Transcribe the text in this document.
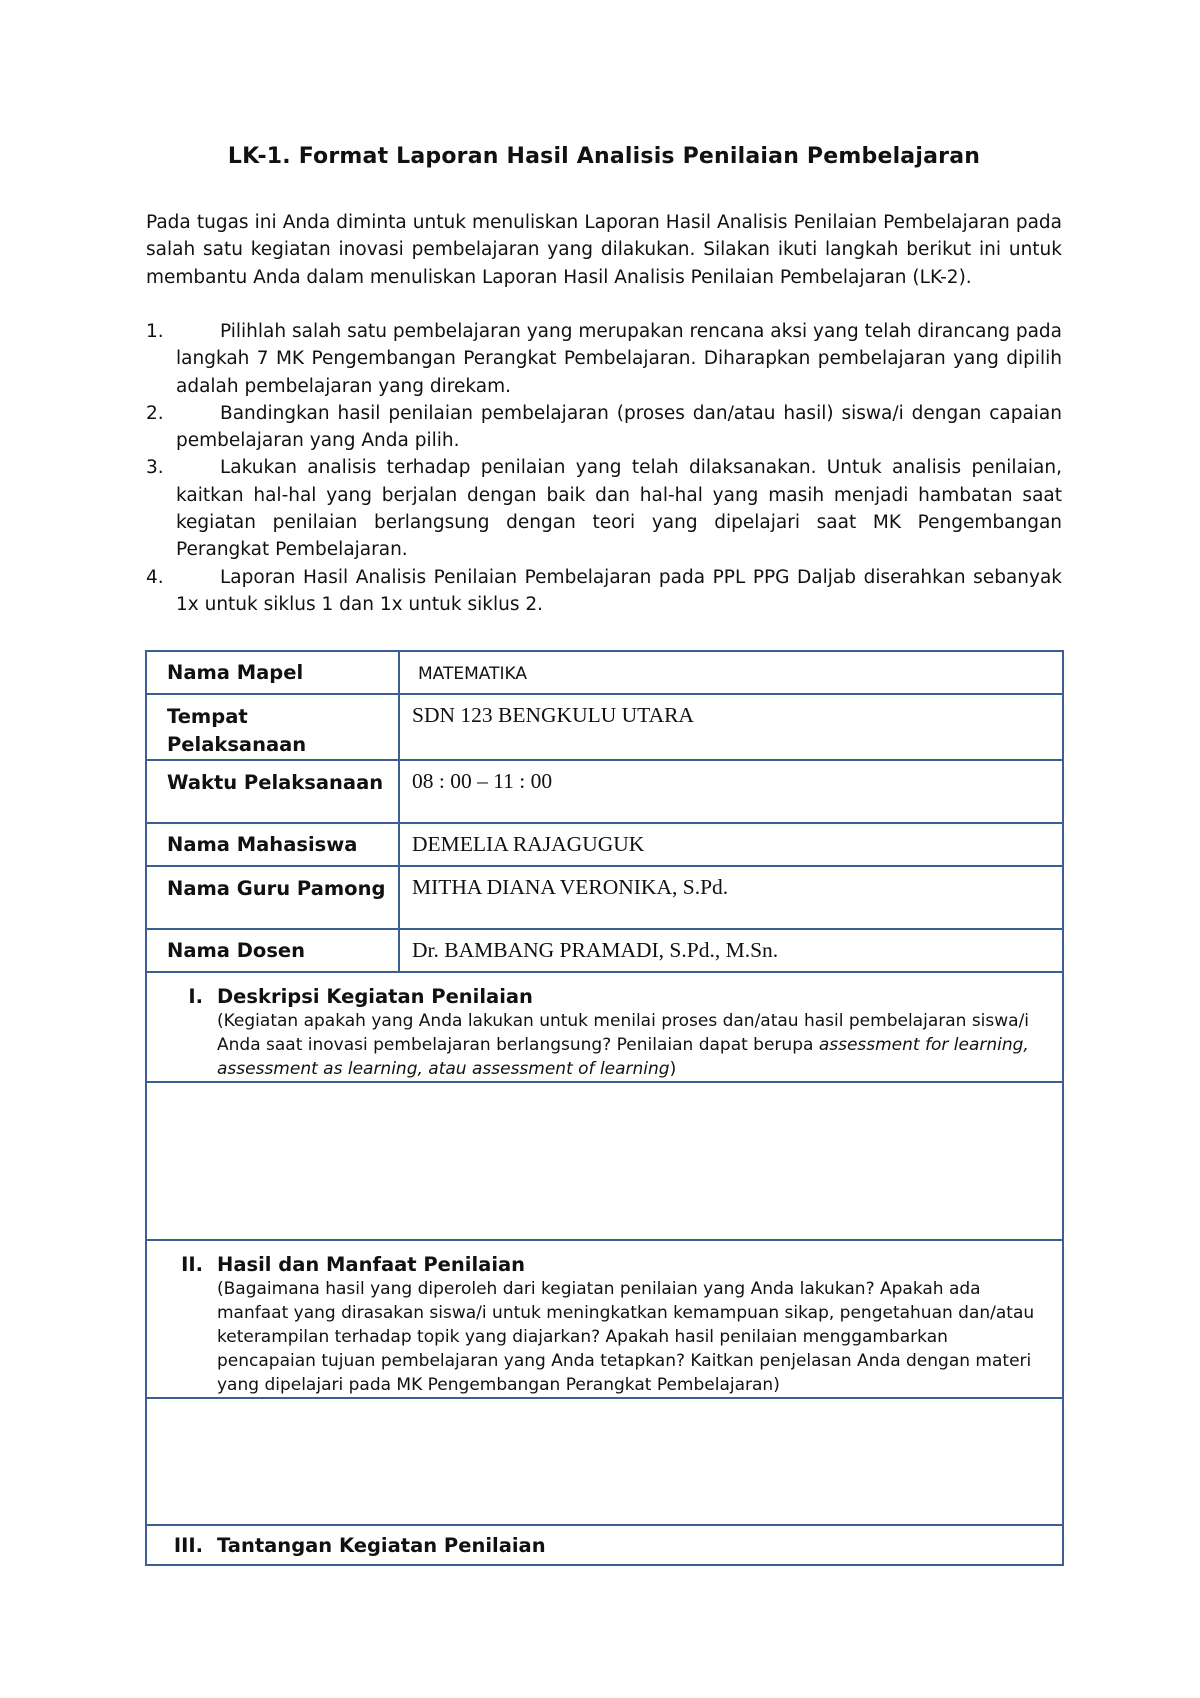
LK-1. Format Laporan Hasil Analisis Penilaian Pembelajaran

Pada tugas ini Anda diminta untuk menuliskan Laporan Hasil Analisis Penilaian Pembelajaran pada salah satu kegiatan inovasi pembelajaran yang dilakukan. Silakan ikuti langkah berikut ini untuk membantu Anda dalam menuliskan Laporan Hasil Analisis Penilaian Pembelajaran (LK-2).

1.	Pilihlah salah satu pembelajaran yang merupakan rencana aksi yang telah dirancang pada langkah 7 MK Pengembangan Perangkat Pembelajaran. Diharapkan pembelajaran yang dipilih adalah pembelajaran yang direkam.
2.	Bandingkan hasil penilaian pembelajaran (proses dan/atau hasil) siswa/i dengan capaian pembelajaran yang Anda pilih.
3.	Lakukan analisis terhadap penilaian yang telah dilaksanakan. Untuk analisis penilaian, kaitkan hal-hal yang berjalan dengan baik dan hal-hal yang masih menjadi hambatan saat kegiatan penilaian berlangsung dengan teori yang dipelajari saat MK Pengembangan Perangkat Pembelajaran.
4.	Laporan Hasil Analisis Penilaian Pembelajaran pada PPL PPG Daljab diserahkan sebanyak 1x untuk siklus 1 dan 1x untuk siklus 2.
Nama Mapel	MATEMATIKA
Tempat Pelaksanaan	SDN 123 BENGKULU UTARA
Waktu Pelaksanaan	08 : 00 – 11 : 00
Nama Mahasiswa	DEMELIA RAJAGUGUK
Nama Guru Pamong	MITHA DIANA VERONIKA, S.Pd.
Nama Dosen	Dr. BAMBANG PRAMADI, S.Pd., M.Sn.

I. Deskripsi Kegiatan Penilaian
(Kegiatan apakah yang Anda lakukan untuk menilai proses dan/atau hasil pembelajaran siswa/i Anda saat inovasi pembelajaran berlangsung? Penilaian dapat berupa assessment for learning, assessment as learning, atau assessment of learning)	

II. Hasil dan Manfaat Penilaian
(Bagaimana hasil yang diperoleh dari kegiatan penilaian yang Anda lakukan? Apakah ada manfaat yang dirasakan siswa/i untuk meningkatkan kemampuan sikap, pengetahuan dan/atau keterampilan terhadap topik yang diajarkan? Apakah hasil penilaian menggambarkan pencapaian tujuan pembelajaran yang Anda tetapkan? Kaitkan penjelasan Anda dengan materi yang dipelajari pada MK Pengembangan Perangkat Pembelajaran)	

III. Tantangan Kegiatan Penilaian	
